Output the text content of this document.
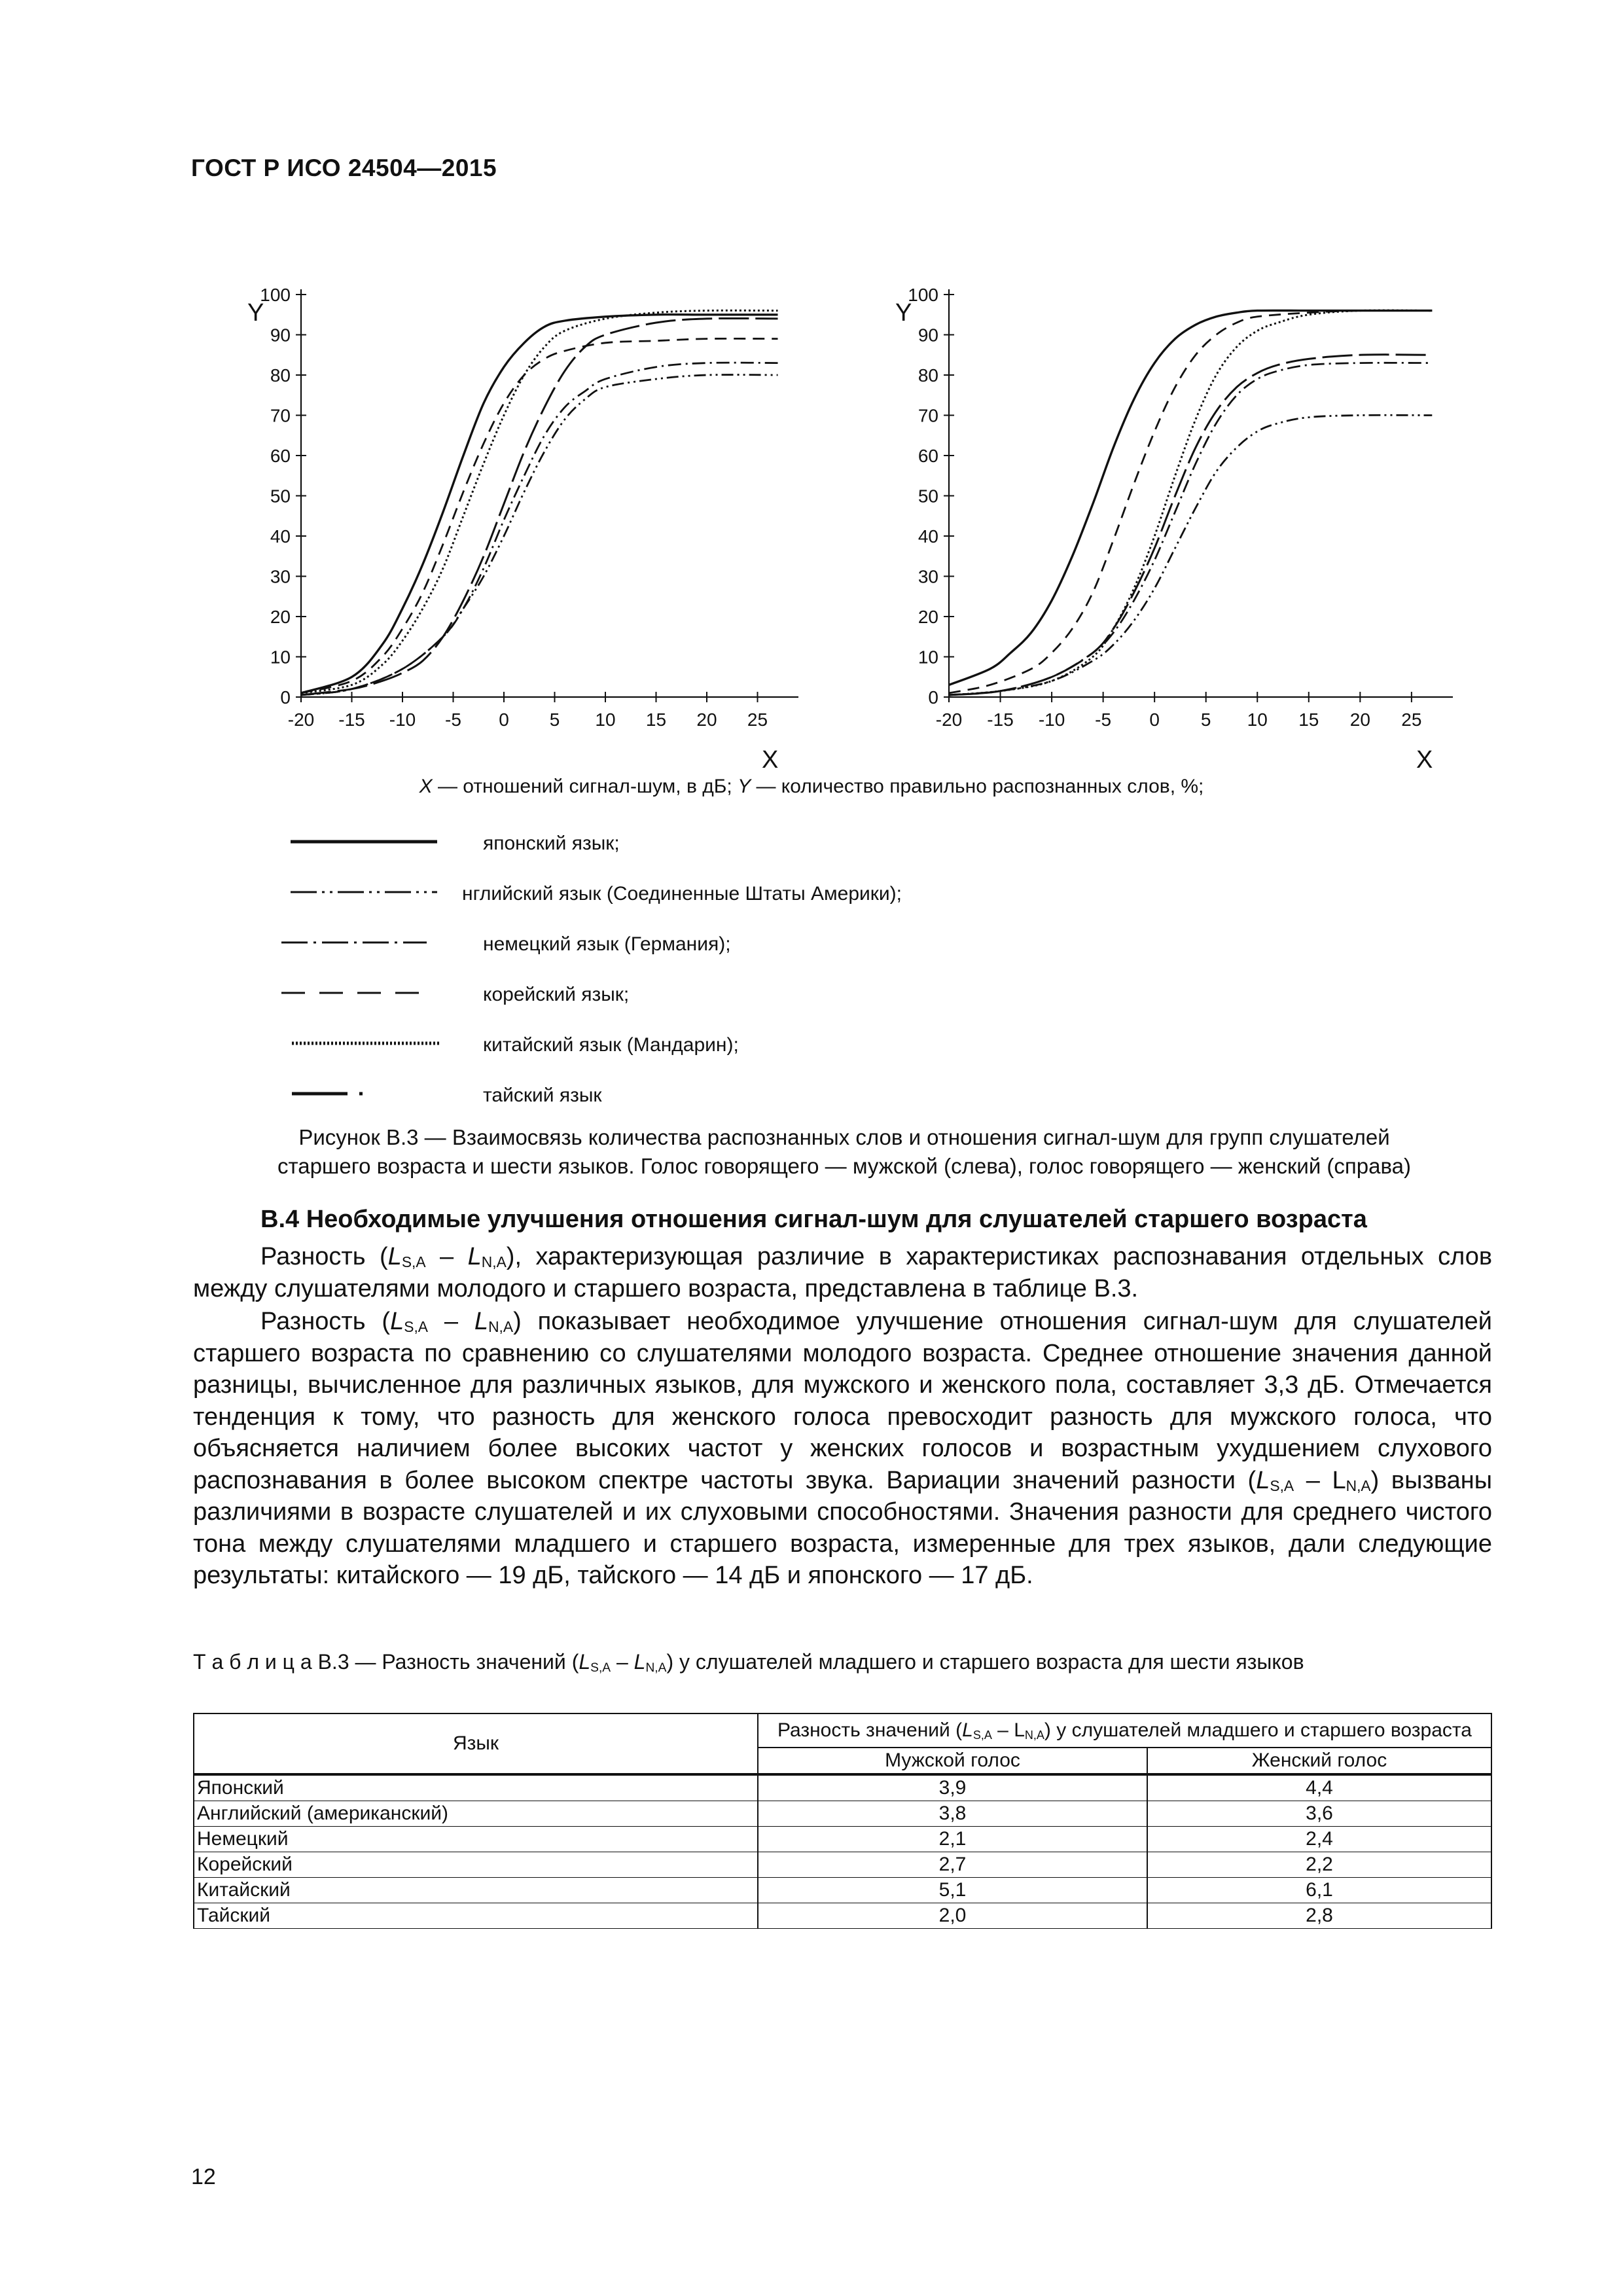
ГОСТ Р ИСО 24504—2015
0
10
20
30
40
50
60
70
80
90
100
-20 -15 -10 -5 0 5 10 15 20 25
Y
X
0
10
20
30
40
50
60
70
80
90
100
-20 -15 -10 -5 0 5 10 15 20 25
Y
X
X — отношений сигнал-шум, в дБ; Y — количество правильно распознанных слов, %;
японский язык;
нглийский язык (Соединенные Штаты Америки);
немецкий язык (Германия);
корейский язык;
китайский язык (Мандарин);
тайский язык
Рисунок В.3 — Взаимосвязь количества распознанных слов и отношения сигнал-шум для групп слушателей
старшего возраста и шести языков. Голос говорящего — мужской (слева), голос говорящего — женский (справа)
В.4 Необходимые улучшения отношения сигнал-шум для слушателей старшего возраста
Разность $(L_{S,A} - L_{N,A})$, характеризующая различие в характеристиках распознавания отдельных слов между слушателями молодого и старшего возраста, представлена в таблице В.3.
Разность $(L_{S,A} - L_{N,A})$ показывает необходимое улучшение отношения сигнал-шум для слушателей старшего возраста по сравнению со слушателями молодого возраста. Среднее отношение значения данной разницы, вычисленное для различных языков, для мужского и женского пола, составляет 3,3 дБ. Отмечается тенденция к тому, что разность для женского голоса превосходит разность для мужского голоса, что объясняется наличием более высоких частот у женских голосов и возрастным ухудшением слухового распознавания в более высоком спектре частоты звука. Вариации значений разности $(L_{S,A} - L_{N,A})$ вызваны различиями в возрасте слушателей и их слуховыми способностями. Значения разности для среднего чистого тона между слушателями младшего и старшего возраста, измеренные для трех языков, дали следующие результаты: китайского — 19 дБ, тайского — 14 дБ и японского — 17 дБ.
Т а б л и ц а В.3 — Разность значений $(L_{S,A} - L_{N,A})$ у слушателей младшего и старшего возраста для шести языков
Язык	Разность значений $(L_{S,A} - L_{N,A})$ у слушателей младшего и старшего возраста	
	Мужской голос	Женский голос
Японский	3,9	4,4
Английский (американский)	3,8	3,6
Немецкий	2,1	2,4
Корейский	2,7	2,2
Китайский	5,1	6,1
Тайский	2,0	2,8
12
